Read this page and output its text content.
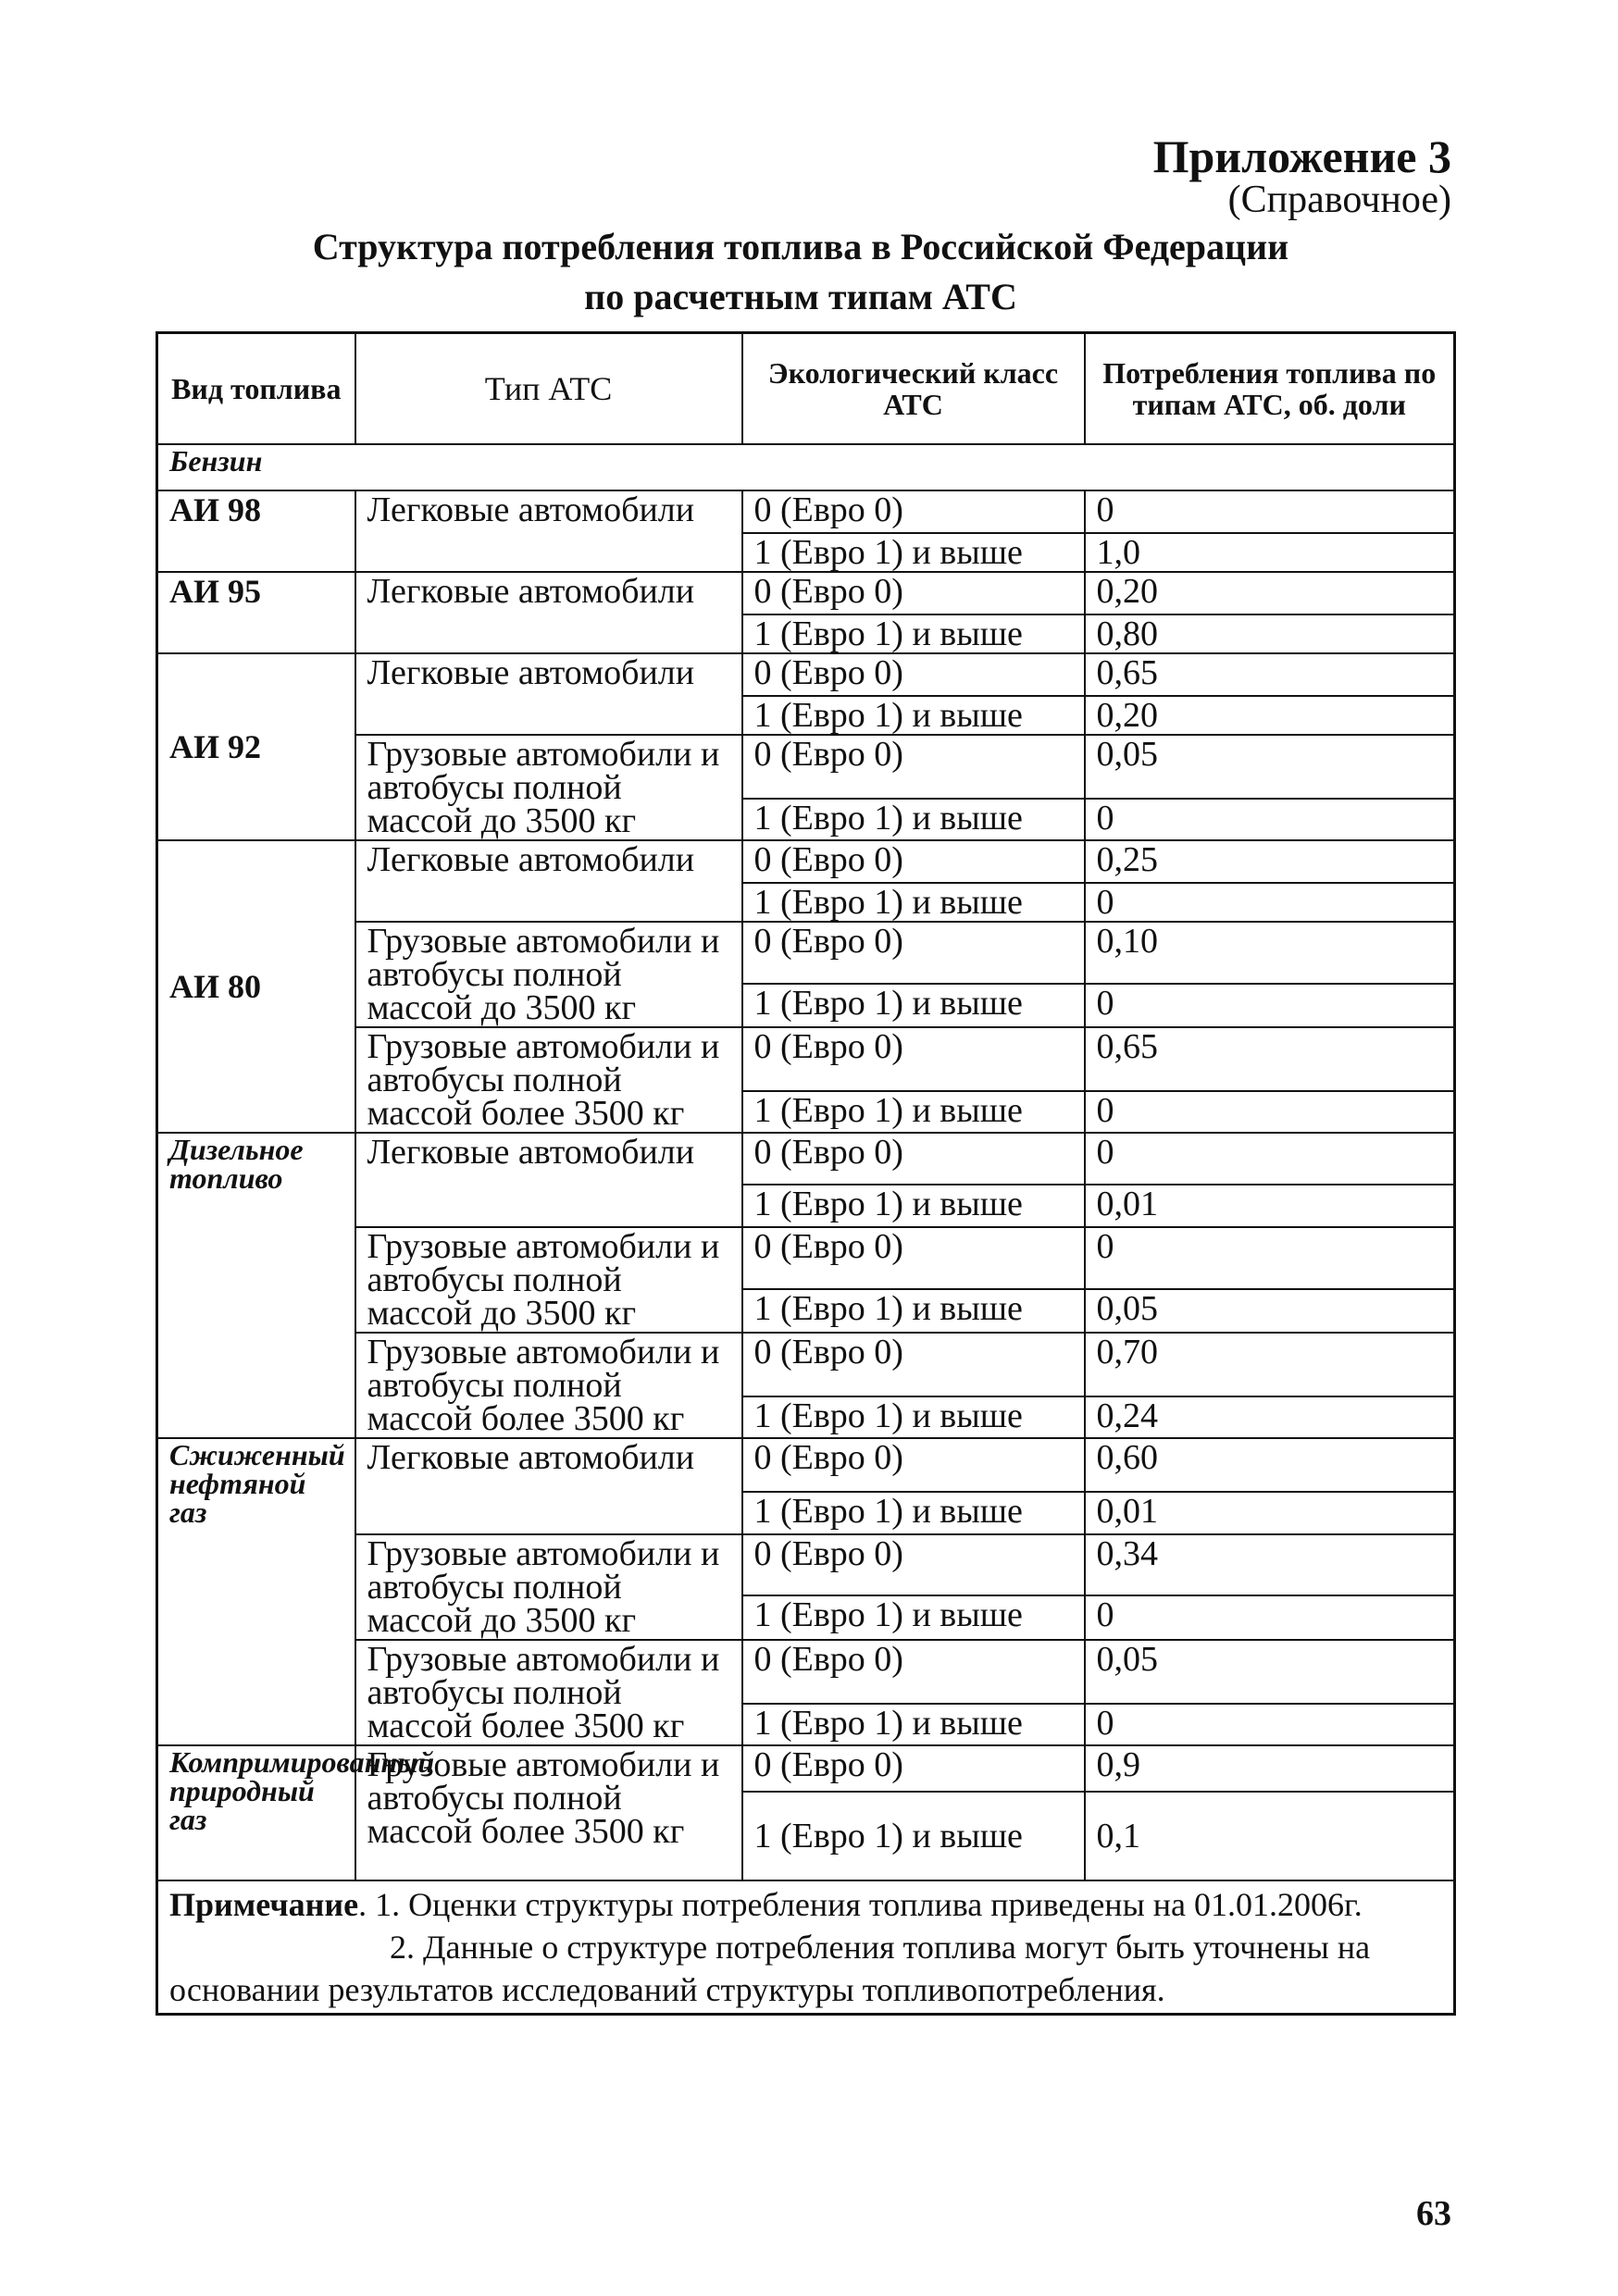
Приложение 3

(Справочное)

Структура потребления топлива в Российской Федерации
по расчетным типам АТС
Вид топлива	Тип АТС	Экологический класс АТС	Потребления топлива по типам АТС, об. доли
Бензин			
АИ 98	Легковые автомобили	0 (Евро 0)	0
		1 (Евро 1) и выше	1,0
АИ 95	Легковые автомобили	0 (Евро 0)	0,20
		1 (Евро 1) и выше	0,80
АИ 92	Легковые автомобили	0 (Евро 0)	0,65
		1 (Евро 1) и выше	0,20
	Грузовые автомобили и автобусы полной массой до 3500 кг	0 (Евро 0)	0,05
		1 (Евро 1) и выше	0
АИ 80	Легковые автомобили	0 (Евро 0)	0,25
		1 (Евро 1) и выше	0
	Грузовые автомобили и автобусы полной массой до 3500 кг	0 (Евро 0)	0,10
		1 (Евро 1) и выше	0
	Грузовые автомобили и автобусы полной массой более 3500 кг	0 (Евро 0)	0,65
		1 (Евро 1) и выше	0
Дизельное топливо	Легковые автомобили	0 (Евро 0)	0
		1 (Евро 1) и выше	0,01
	Грузовые автомобили и автобусы полной массой до 3500 кг	0 (Евро 0)	0
		1 (Евро 1) и выше	0,05
	Грузовые автомобили и автобусы полной массой более 3500 кг	0 (Евро 0)	0,70
		1 (Евро 1) и выше	0,24
Сжиженный нефтяной газ	Легковые автомобили	0 (Евро 0)	0,60
		1 (Евро 1) и выше	0,01
	Грузовые автомобили и автобусы полной массой до 3500 кг	0 (Евро 0)	0,34
		1 (Евро 1) и выше	0
	Грузовые автомобили и автобусы полной массой более 3500 кг	0 (Евро 0)	0,05
		1 (Евро 1) и выше	0
Компримированный природный газ	Грузовые автомобили и автобусы полной массой более 3500 кг	0 (Евро 0)	0,9
		1 (Евро 1) и выше	0,1
Примечание. 1. Оценки структуры потребления топлива приведены на 01.01.2006г.
2. Данные о структуре потребления топлива могут быть уточнены на
основании результатов исследований структуры топливопотребления.			

63
